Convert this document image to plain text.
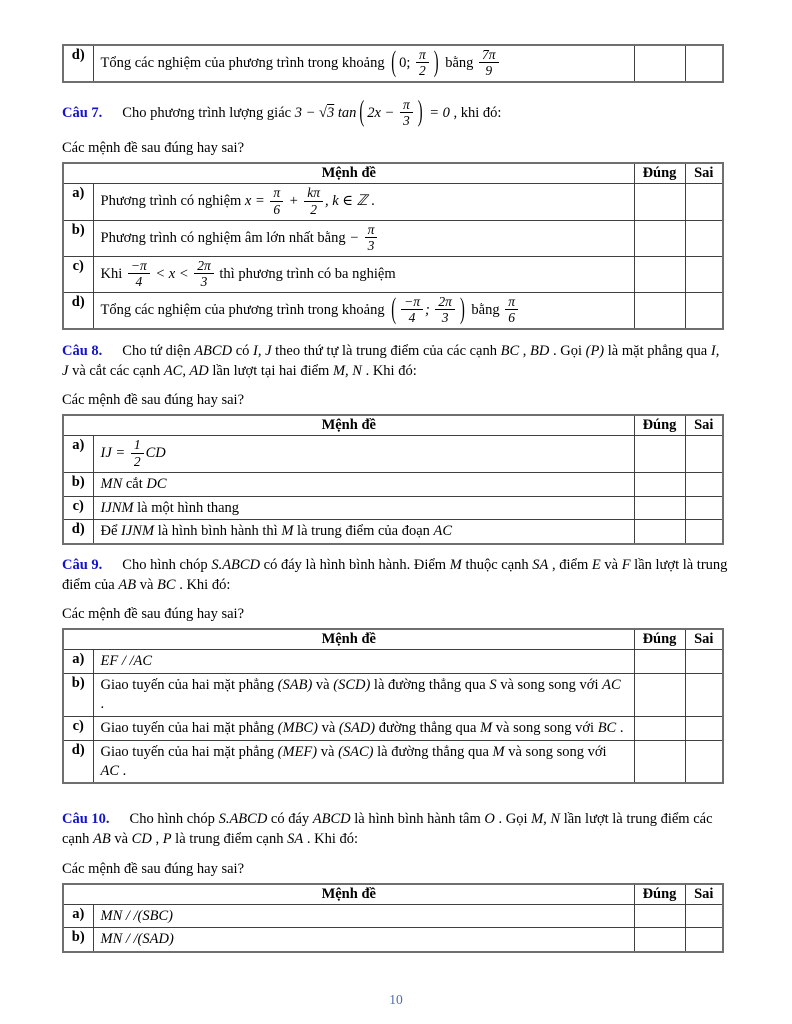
d)	Tổng các nghiệm của phương trình trong khoảng ( 0; $\frac{\pi}{2}$ ) bằng $\frac{7\pi}{9}$

Câu 7. Cho phương trình lượng giác 3 − √3 tan ( $2x - \frac{\pi}{3}$ ) = 0 , khi đó:

Các mệnh đề sau đúng hay sai?

Mệnh đề		Đúng	Sai
a)	Phương trình có nghiệm $x = \frac{\pi}{6} + \frac{k\pi}{2}$ , k ∈ ℤ .		
b)	Phương trình có nghiệm âm lớn nhất bằng − $\frac{\pi}{3}$

c)	Khi $\frac{-\pi}{4} < x < \frac{2\pi}{3}$ thì phương trình có ba nghiệm		
d)	Tổng các nghiệm của phương trình trong khoảng ( $\frac{-\pi}{4}$ ; $\frac{2\pi}{3}$ ) bằng $\frac{\pi}{6}$

Câu 8. Cho tứ diện ABCD có I, J theo thứ tự là trung điểm của các cạnh BC , BD . Gọi (P) là mặt phẳng qua I, J và cắt các cạnh AC, AD lần lượt tại hai điểm M, N . Khi đó:

Các mệnh đề sau đúng hay sai?

Mệnh đề		Đúng	Sai
a)	IJ = $\frac{1}{2}$ CD		
b)	MN cắt DC		
c)	IJNM là một hình thang		
d)	Để IJNM là hình bình hành thì M là trung điểm của đoạn AC		

Câu 9. Cho hình chóp S.ABCD có đáy là hình bình hành. Điểm M thuộc cạnh SA , điểm E và F lần lượt là trung điểm của AB và BC . Khi đó:

Các mệnh đề sau đúng hay sai?

Mệnh đề		Đúng	Sai
a)	EF / /AC		
b)	Giao tuyến của hai mặt phẳng (SAB) và (SCD) là đường thẳng qua S và song song với AC .		
c)	Giao tuyến của hai mặt phẳng (MBC) và (SAD) đường thẳng qua M và song song với BC .		
d)	Giao tuyến của hai mặt phẳng (MEF) và (SAC) là đường thẳng qua M và song song với AC .		

Câu 10. Cho hình chóp S.ABCD có đáy ABCD là hình bình hành tâm O . Gọi M, N lần lượt là trung điểm các cạnh AB và CD , P là trung điểm cạnh SA . Khi đó:

Các mệnh đề sau đúng hay sai?

Mệnh đề		Đúng	Sai
a)	MN / /(SBC)		
b)	MN / /(SAD)		
10
